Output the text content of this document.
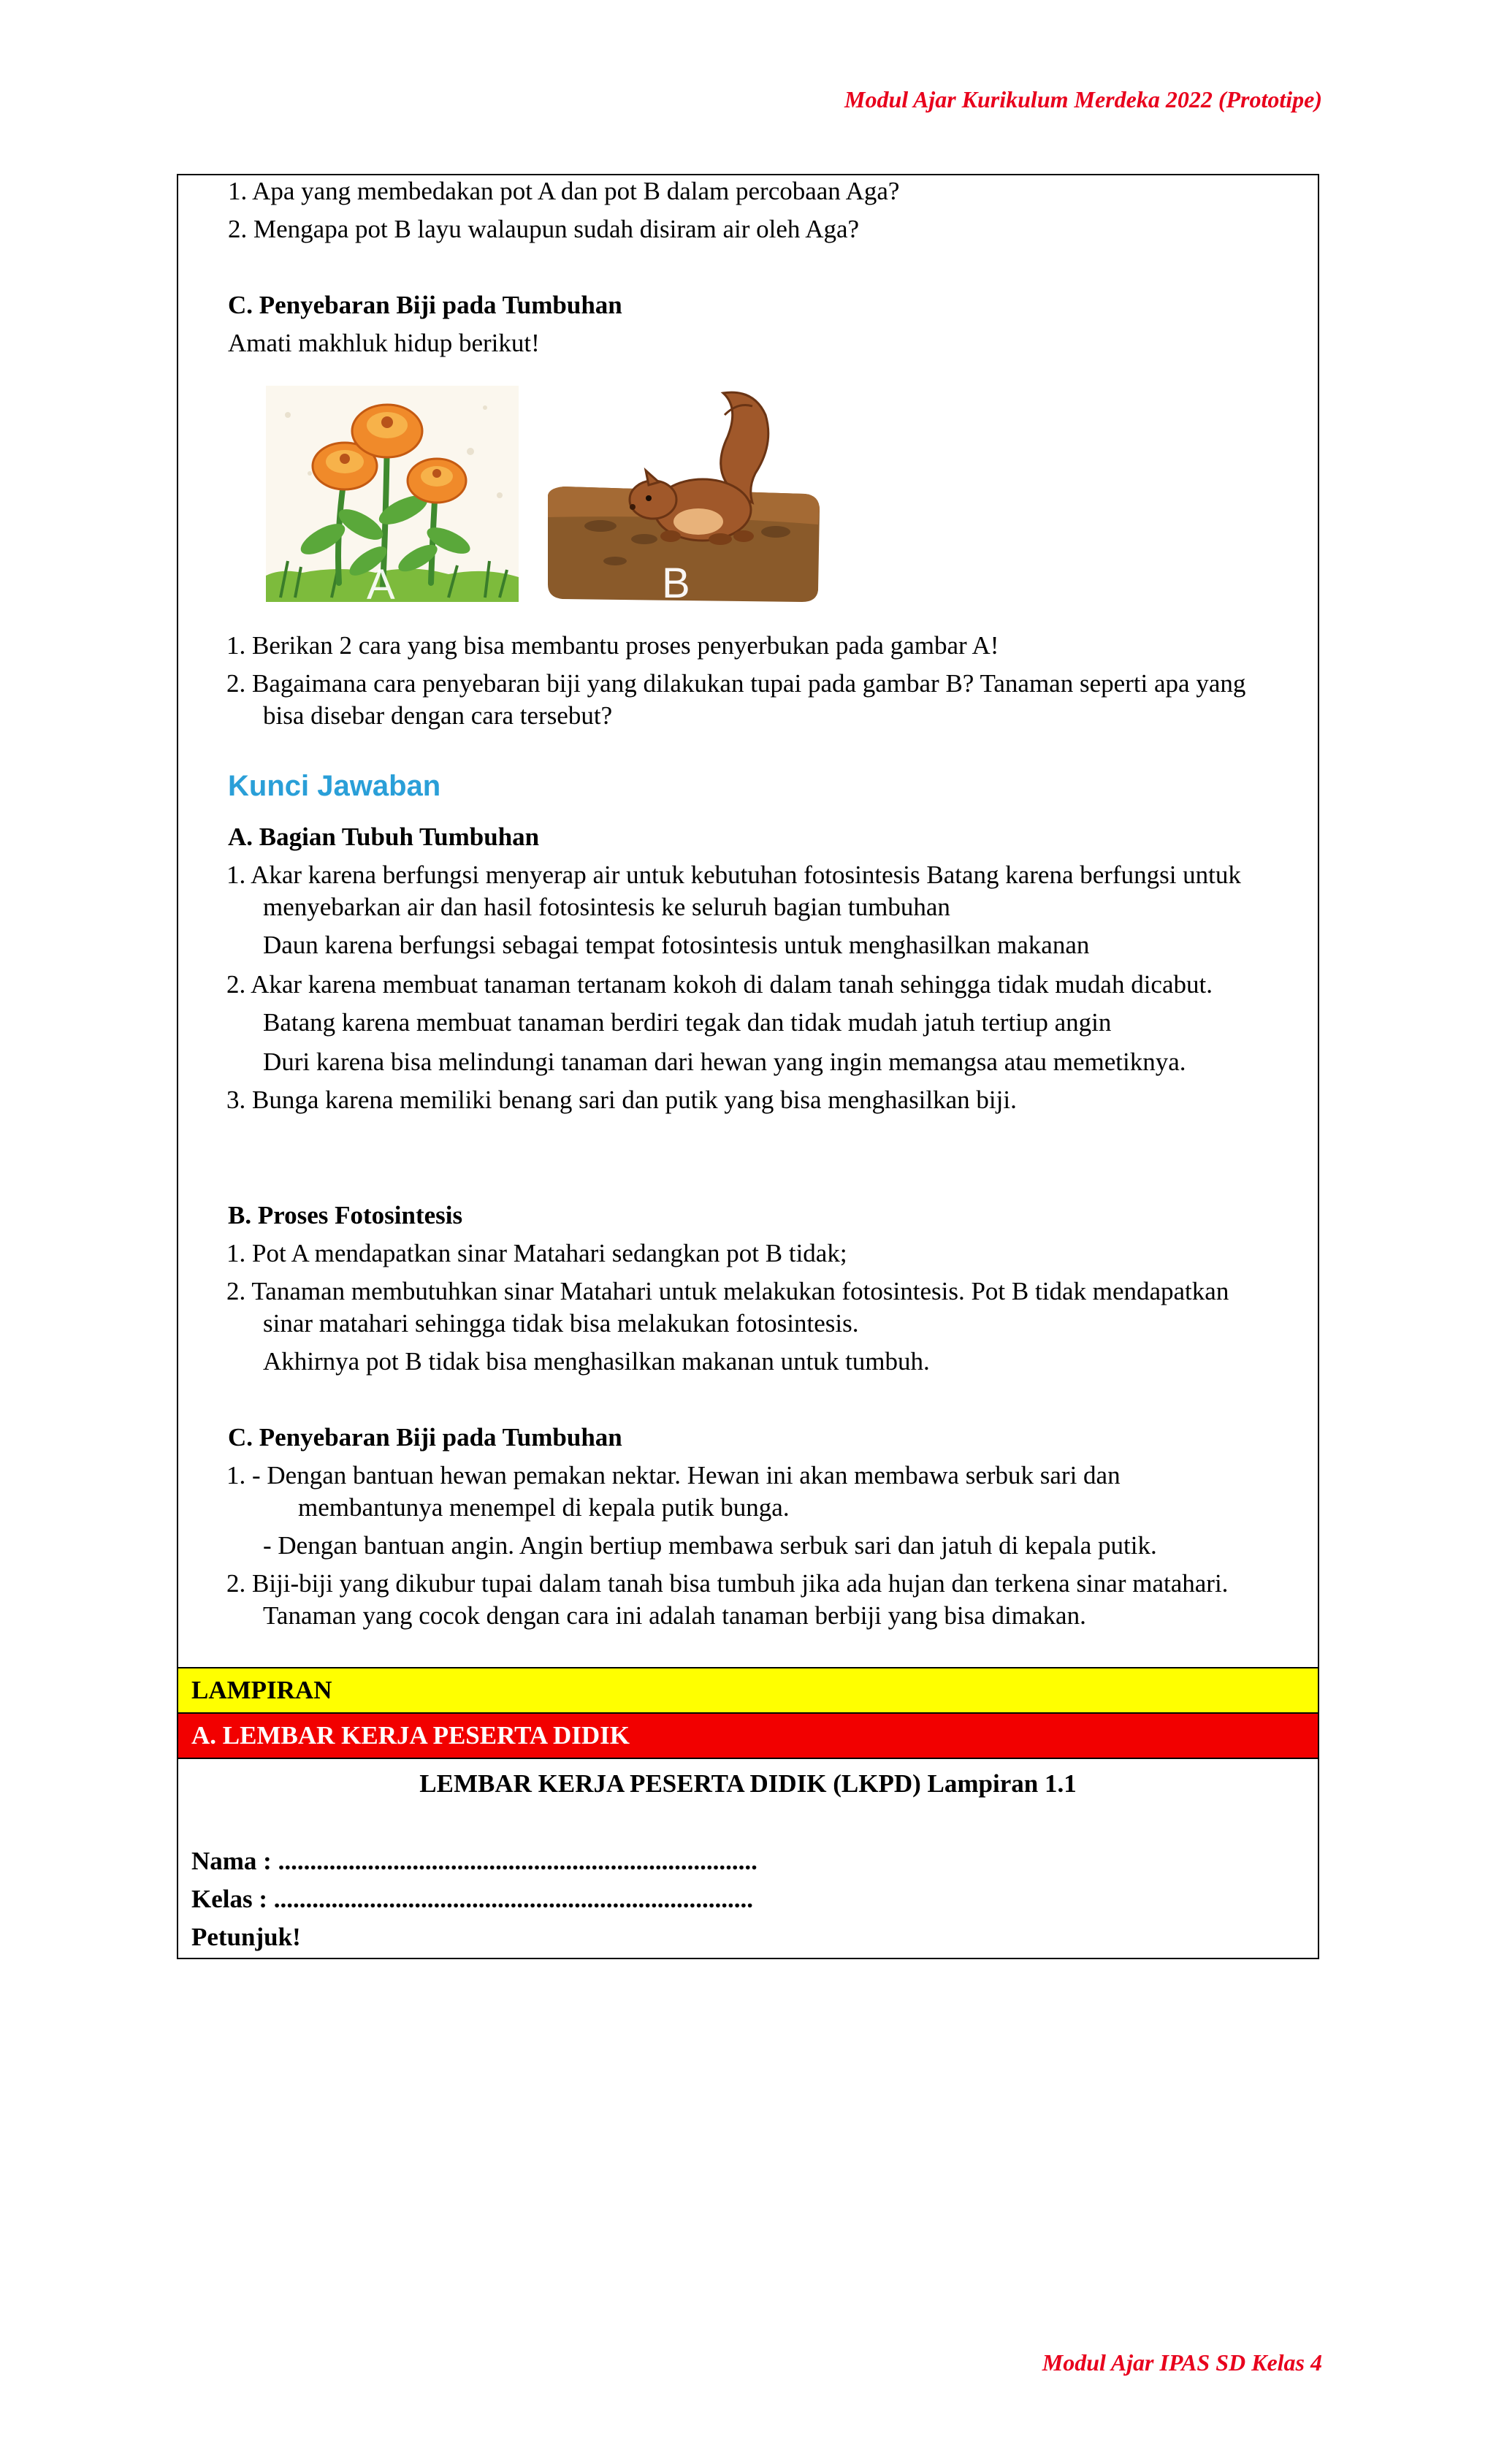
Modul Ajar Kurikulum Merdeka 2022 (Prototipe)
1. Apa yang membedakan pot A dan pot B dalam percobaan Aga?
2. Mengapa pot B layu walaupun sudah disiram air oleh Aga?
C. Penyebaran Biji pada Tumbuhan
Amati makhluk hidup berikut!
A	B
1. Berikan 2 cara yang bisa membantu proses penyerbukan pada gambar A!
2. Bagaimana cara penyebaran biji yang dilakukan tupai pada gambar B? Tanaman seperti apa yang
bisa disebar dengan cara tersebut?
Kunci Jawaban
A. Bagian Tubuh Tumbuhan
1. Akar karena berfungsi menyerap air untuk kebutuhan fotosintesis Batang karena berfungsi untuk
menyebarkan air dan hasil fotosintesis ke seluruh bagian tumbuhan
Daun karena berfungsi sebagai tempat fotosintesis untuk menghasilkan makanan
2. Akar karena membuat tanaman tertanam kokoh di dalam tanah sehingga tidak mudah dicabut.
Batang karena membuat tanaman berdiri tegak dan tidak mudah jatuh tertiup angin
Duri karena bisa melindungi tanaman dari hewan yang ingin memangsa atau memetiknya.
3. Bunga karena memiliki benang sari dan putik yang bisa menghasilkan biji.
B. Proses Fotosintesis
1. Pot A mendapatkan sinar Matahari sedangkan pot B tidak;
2. Tanaman membutuhkan sinar Matahari untuk melakukan fotosintesis. Pot B tidak mendapatkan
sinar matahari sehingga tidak bisa melakukan fotosintesis.
Akhirnya pot B tidak bisa menghasilkan makanan untuk tumbuh.
C. Penyebaran Biji pada Tumbuhan
1. - Dengan bantuan hewan pemakan nektar. Hewan ini akan membawa serbuk sari dan
membantunya menempel di kepala putik bunga.
- Dengan bantuan angin. Angin bertiup membawa serbuk sari dan jatuh di kepala putik.
2. Biji-biji yang dikubur tupai dalam tanah bisa tumbuh jika ada hujan dan terkena sinar matahari.
Tanaman yang cocok dengan cara ini adalah tanaman berbiji yang bisa dimakan.
LAMPIRAN
A. LEMBAR KERJA PESERTA DIDIK
LEMBAR KERJA PESERTA DIDIK (LKPD) Lampiran 1.1
Nama : ...........................................................................
Kelas : ...........................................................................
Petunjuk!
Modul Ajar IPAS SD Kelas 4
